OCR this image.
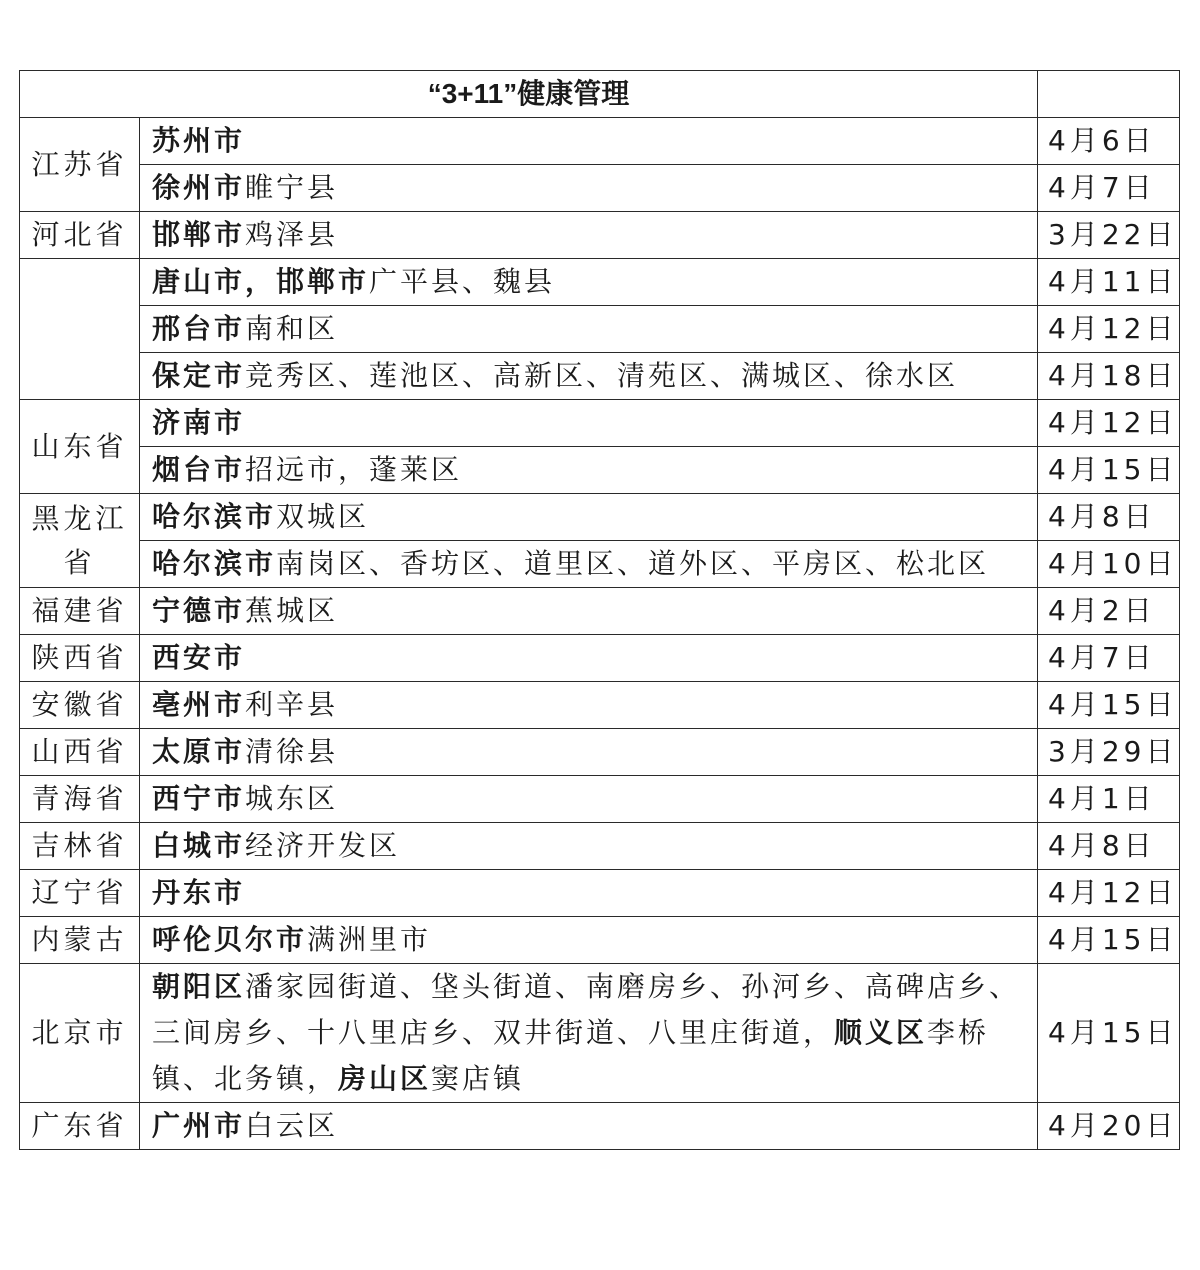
“3+11”健康管理		
江苏省	苏州市	4月6日
	徐州市睢宁县	4月7日
河北省	邯郸市鸡泽县	3月22日
	唐山市，邯郸市广平县、魏县	4月11日
	邢台市南和区	4月12日
	保定市竞秀区、莲池区、高新区、清苑区、满城区、徐水区	4月18日
山东省	济南市	4月12日
	烟台市招远市，蓬莱区	4月15日
黑龙江省	哈尔滨市双城区	4月8日
	哈尔滨市南岗区、香坊区、道里区、道外区、平房区、松北区	4月10日
福建省	宁德市蕉城区	4月2日
陕西省	西安市	4月7日
安徽省	亳州市利辛县	4月15日
山西省	太原市清徐县	3月29日
青海省	西宁市城东区	4月1日
吉林省	白城市经济开发区	4月8日
辽宁省	丹东市	4月12日
内蒙古	呼伦贝尔市满洲里市	4月15日
北京市	朝阳区潘家园街道、垡头街道、南磨房乡、孙河乡、高碑店乡、三间房乡、十八里店乡、双井街道、八里庄街道，顺义区李桥镇、北务镇，房山区窦店镇	4月15日
广东省	广州市白云区	4月20日
